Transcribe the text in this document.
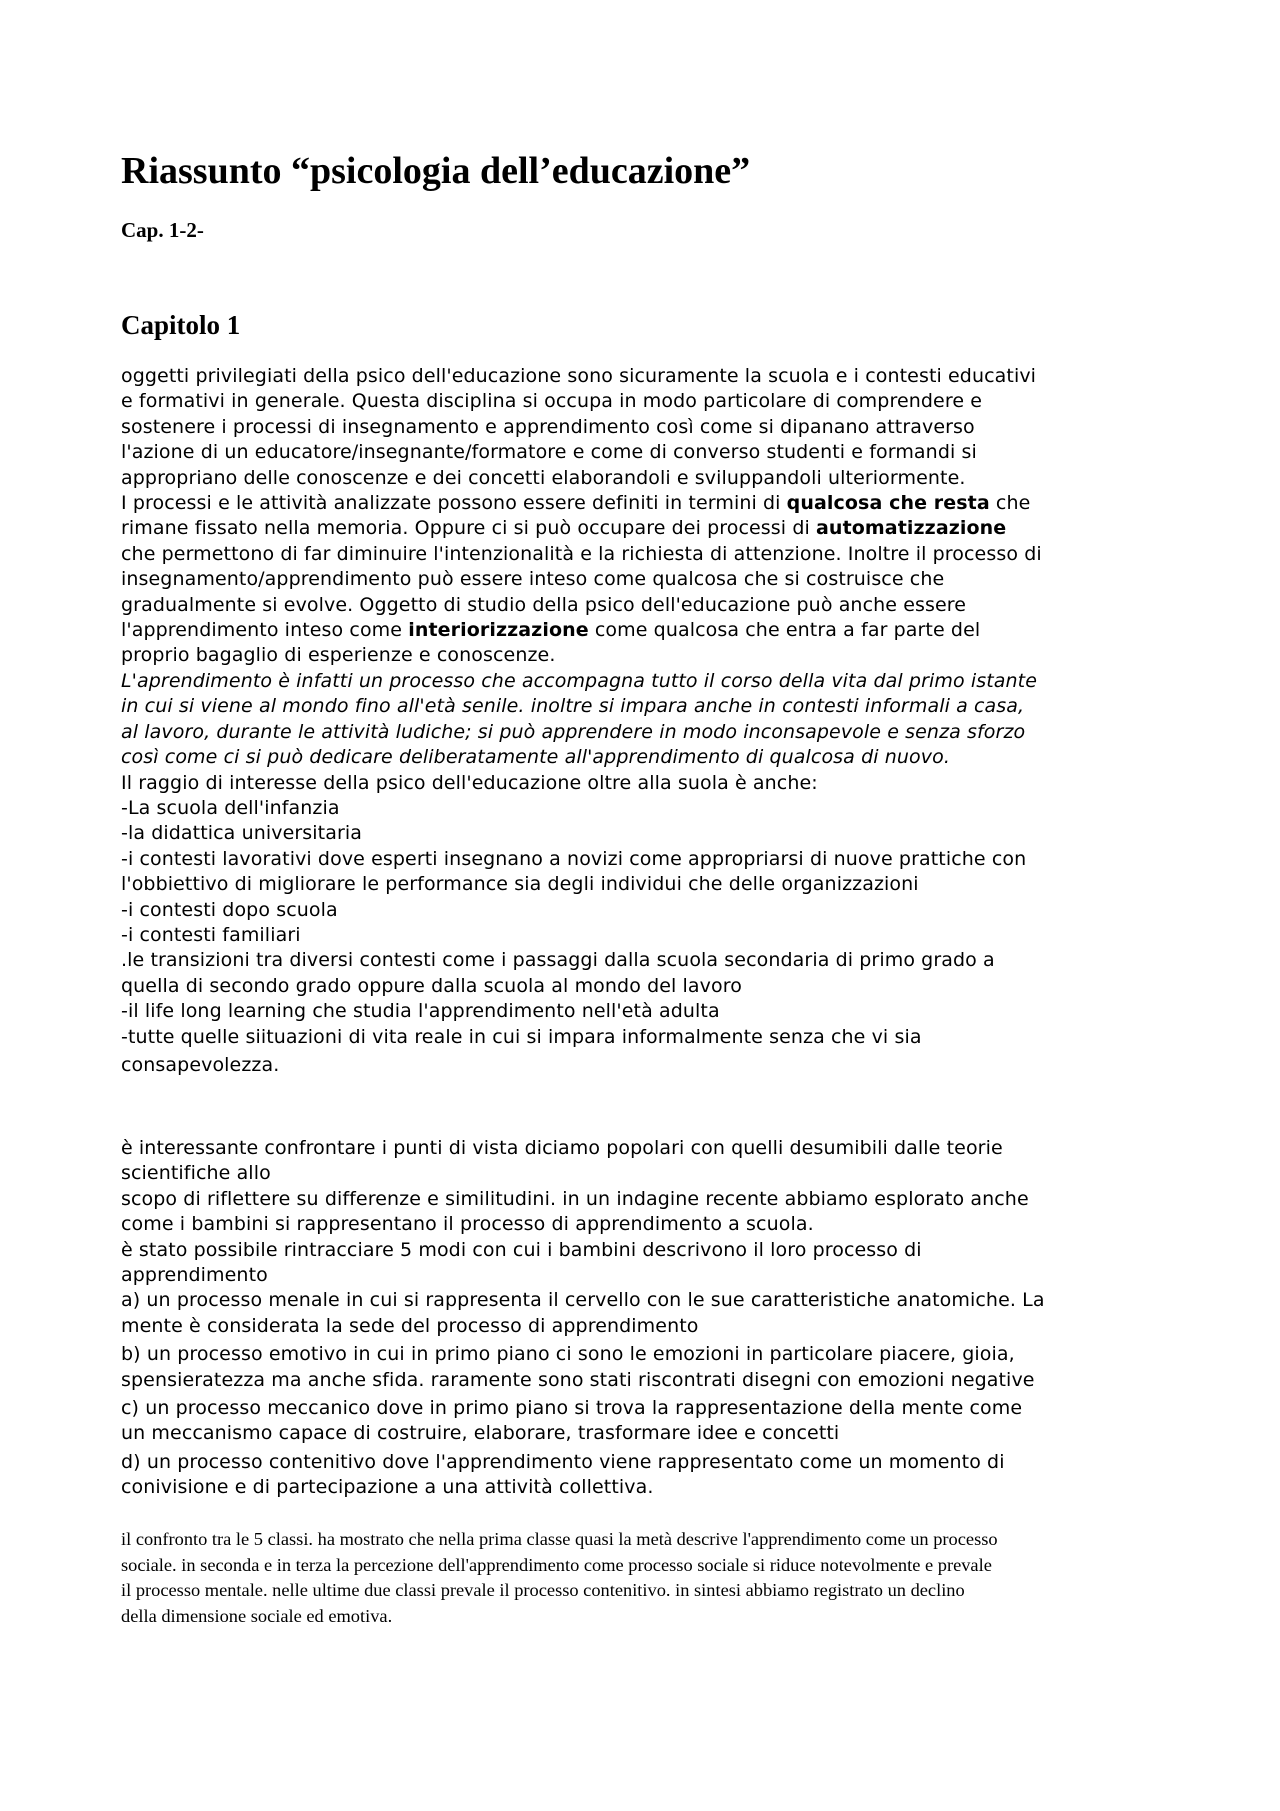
Riassunto “psicologia dell’educazione”
Cap. 1-2-
Capitolo 1
oggetti privilegiati della psico dell'educazione sono sicuramente la scuola e i contesti educativi
e formativi in generale. Questa disciplina si occupa in modo particolare di comprendere e
sostenere i processi di insegnamento e apprendimento così come si dipanano attraverso
l'azione di un educatore/insegnante/formatore e come di converso studenti e formandi si
appropriano delle conoscenze e dei concetti elaborandoli e sviluppandoli ulteriormente.
I processi e le attività analizzate possono essere definiti in termini di qualcosa che resta che
rimane fissato nella memoria. Oppure ci si può occupare dei processi di automatizzazione
che permettono di far diminuire l'intenzionalità e la richiesta di attenzione. Inoltre il processo di
insegnamento/apprendimento può essere inteso come qualcosa che si costruisce che
gradualmente si evolve. Oggetto di studio della psico dell'educazione può anche essere
l'apprendimento inteso come interiorizzazione come qualcosa che entra a far parte del
proprio bagaglio di esperienze e conoscenze.
L'aprendimento è infatti un processo che accompagna tutto il corso della vita dal primo istante
in cui si viene al mondo fino all'età senile. inoltre si impara anche in contesti informali a casa,
al lavoro, durante le attività ludiche; si può apprendere in modo inconsapevole e senza sforzo
così come ci si può dedicare deliberatamente all'apprendimento di qualcosa di nuovo.
Il raggio di interesse della psico dell'educazione oltre alla suola è anche:
-La scuola dell'infanzia
-la didattica universitaria
-i contesti lavorativi dove esperti insegnano a novizi come appropriarsi di nuove prattiche con
l'obbiettivo di migliorare le performance sia degli individui che delle organizzazioni
-i contesti dopo scuola
-i contesti familiari
.le transizioni tra diversi contesti come i passaggi dalla scuola secondaria di primo grado a
quella di secondo grado oppure dalla scuola al mondo del lavoro
-il life long learning che studia l'apprendimento nell'età adulta
-tutte quelle siituazioni di vita reale in cui si impara informalmente senza che vi sia
consapevolezza.
è interessante confrontare i punti di vista diciamo popolari con quelli desumibili dalle teorie
scientifiche allo
scopo di riflettere su differenze e similitudini. in un indagine recente abbiamo esplorato anche
come i bambini si rappresentano il processo di apprendimento a scuola.
è stato possibile rintracciare 5 modi con cui i bambini descrivono il loro processo di
apprendimento
a) un processo menale in cui si rappresenta il cervello con le sue caratteristiche anatomiche. La
mente è considerata la sede del processo di apprendimento
b) un processo emotivo in cui in primo piano ci sono le emozioni in particolare piacere, gioia,
spensieratezza ma anche sfida. raramente sono stati riscontrati disegni con emozioni negative
c) un processo meccanico dove in primo piano si trova la rappresentazione della mente come
un meccanismo capace di costruire, elaborare, trasformare idee e concetti
d) un processo contenitivo dove l'apprendimento viene rappresentato come un momento di
conivisione e di partecipazione a una attività collettiva.
il confronto tra le 5 classi. ha mostrato che nella prima classe quasi la metà descrive l'apprendimento come un processo
sociale. in seconda e in terza la percezione dell'apprendimento come processo sociale si riduce notevolmente e prevale
il processo mentale. nelle ultime due classi prevale il processo contenitivo. in sintesi abbiamo registrato un declino
della dimensione sociale ed emotiva.
